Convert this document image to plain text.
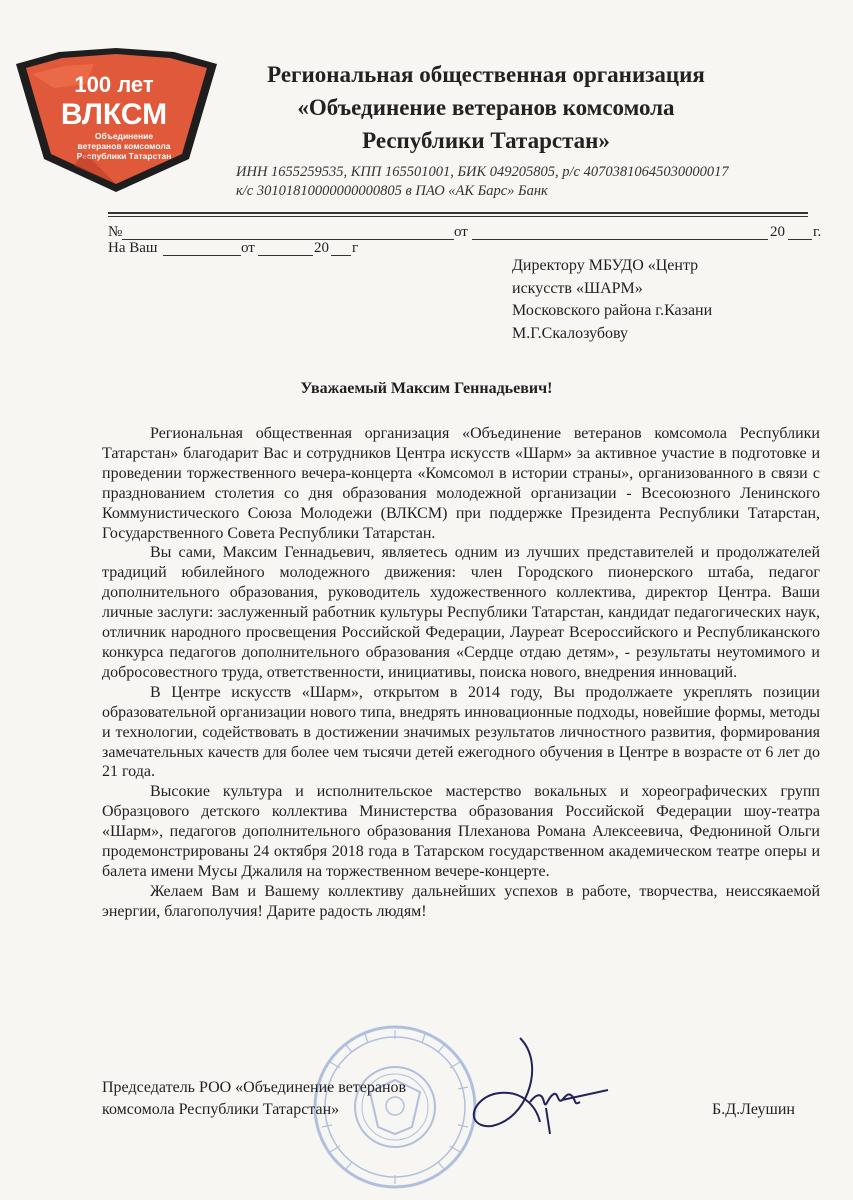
100 лет
ВЛКСМ
Объединение
ветеранов комсомола
Республики Татарстан
Региональная общественная организация
«Объединение ветеранов комсомола
Республики Татарстан»
ИНН 1655259535, КПП 165501001, БИК 049205805, р/с 40703810645030000017
к/с 30101810000000000805 в ПАО «АК Барс» Банк
№	от	20 г.
На Ваш	от	20 г
Директору МБУДО «Центр
искусств «ШАРМ»
Московского района г.Казани
М.Г.Скалозубову
Уважаемый Максим Геннадьевич!

Региональная общественная организация «Объединение ветеранов комсомола Республики Татарстан» благодарит Вас и сотрудников Центра искусств «Шарм» за активное участие в подготовке и проведении торжественного вечера-концерта «Комсомол в истории страны», организованного в связи с празднованием столетия со дня образования молодежной организации - Всесоюзного Ленинского Коммунистического Союза Молодежи (ВЛКСМ) при поддержке Президента Республики Татарстан, Государственного Совета Республики Татарстан.

Вы сами, Максим Геннадьевич, являетесь одним из лучших представителей и продолжателей традиций юбилейного молодежного движения: член Городского пионерского штаба, педагог дополнительного образования, руководитель художественного коллектива, директор Центра. Ваши личные заслуги: заслуженный работник культуры Республики Татарстан, кандидат педагогических наук, отличник народного просвещения Российской Федерации, Лауреат Всероссийского и Республиканского конкурса педагогов дополнительного образования «Сердце отдаю детям», - результаты неутомимого и добросовестного труда, ответственности, инициативы, поиска нового, внедрения инноваций.

В Центре искусств «Шарм», открытом в 2014 году, Вы продолжаете укреплять позиции образовательной организации нового типа, внедрять инновационные подходы, новейшие формы, методы и технологии, содействовать в достижении значимых результатов личностного развития, формирования замечательных качеств для более чем тысячи детей ежегодного обучения в Центре в возрасте от 6 лет до 21 года.

Высокие культура и исполнительское мастерство вокальных и хореографических групп Образцового детского коллектива Министерства образования Российской Федерации шоу-театра «Шарм», педагогов дополнительного образования Плеханова Романа Алексеевича, Федюниной Ольги продемонстрированы 24 октября 2018 года в Татарском государственном академическом театре оперы и балета имени Мусы Джалиля на торжественном вечере-концерте.

Желаем Вам и Вашему коллективу дальнейших успехов в работе, творчества, неиссякаемой энергии, благополучия! Дарите радость людям!

Председатель РОО «Объединение ветеранов
комсомола Республики Татарстан»	Б.Д.Леушин
